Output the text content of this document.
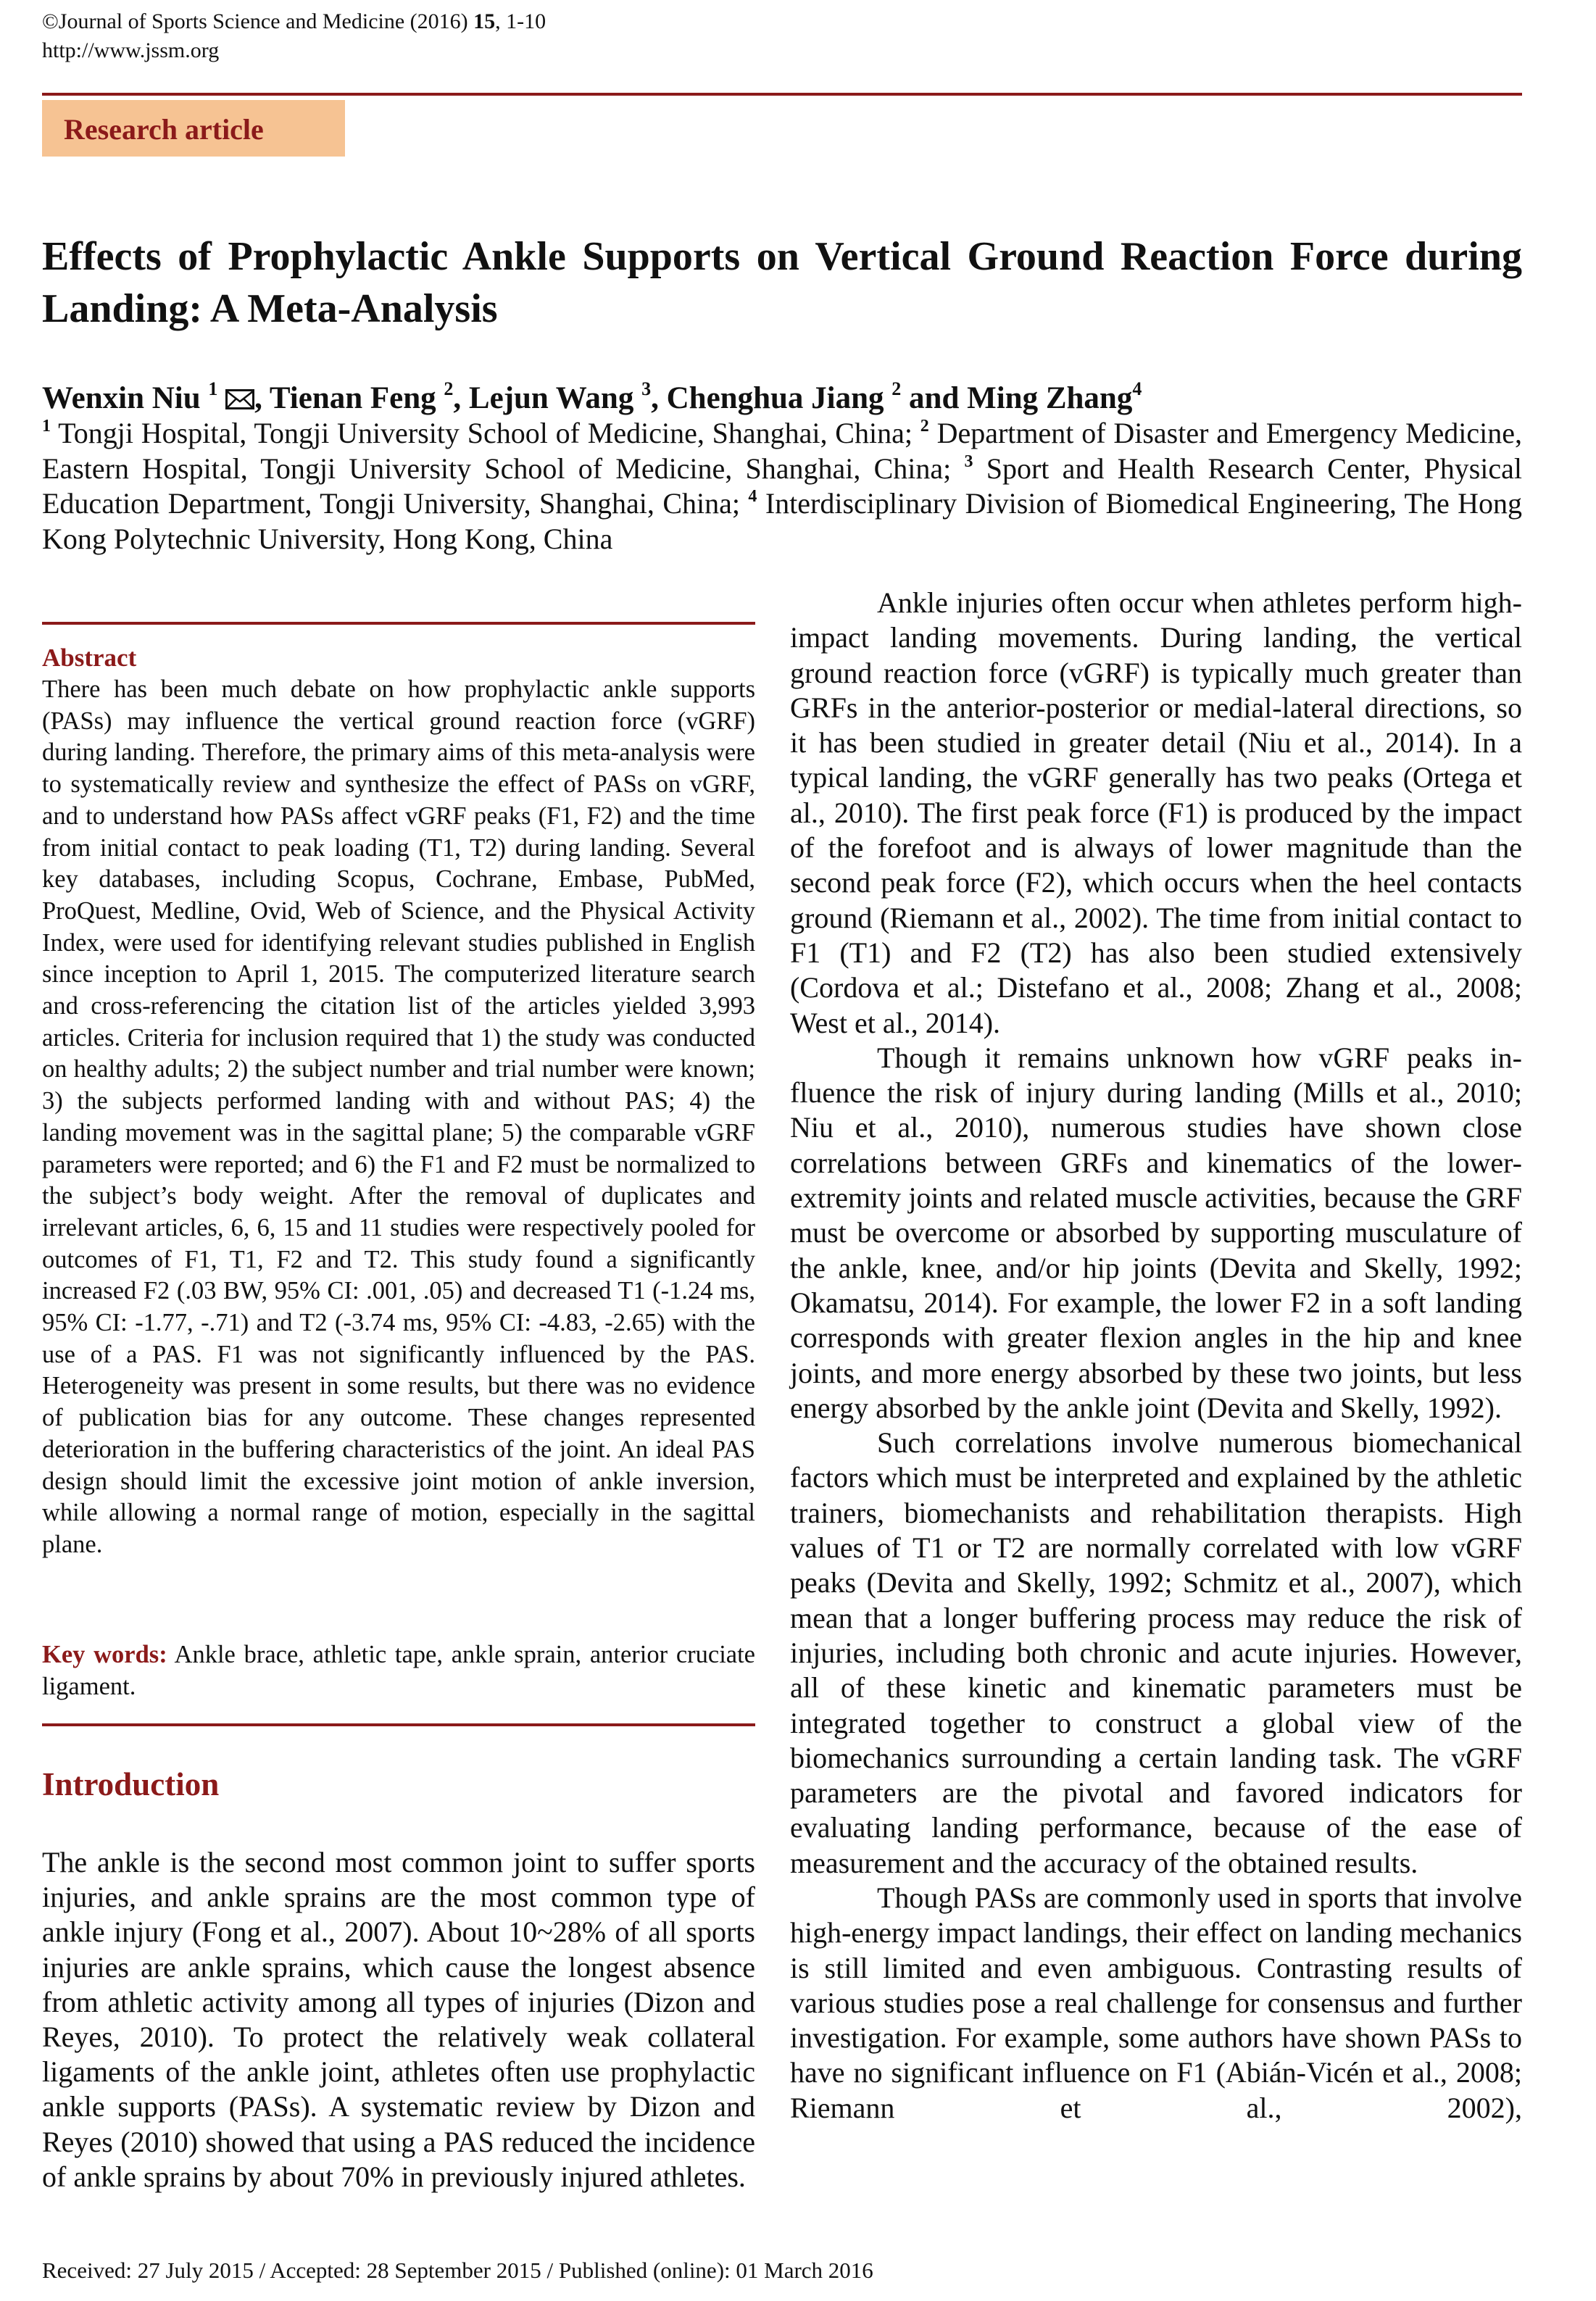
©Journal of Sports Science and Medicine (2016) 15, 1-10
http://www.jssm.org
Research article
Effects of Prophylactic Ankle Supports on Vertical Ground Reaction Force during Landing: A Meta-Analysis
Wenxin Niu $^1$ , Tienan Feng $^2$, Lejun Wang $^3$, Chenghua Jiang $^2$ and Ming Zhang$^4$
$^1$ Tongji Hospital, Tongji University School of Medicine, Shanghai, China; $^2$ Department of Disaster and Emergency Medicine, Eastern Hospital, Tongji University School of Medicine, Shanghai, China; $^3$ Sport and Health Research Center, Physical Education Department, Tongji University, Shanghai, China; $^4$ Interdisciplinary Division of Biomedical Engineering, The Hong Kong Polytechnic University, Hong Kong, China
Abstract
There has been much debate on how prophylactic ankle supports (PASs) may influence the vertical ground reaction force (vGRF) during landing. Therefore, the primary aims of this meta-analysis were to systematically review and synthesize the effect of PASs on vGRF, and to understand how PASs affect vGRF peaks (F1, F2) and the time from initial contact to peak loading (T1, T2) during landing. Several key databases, including Scopus, Cochrane, Embase, PubMed, ProQuest, Medline, Ovid, Web of Science, and the Physical Activity Index, were used for identifying relevant studies published in English since inception to April 1, 2015. The computerized literature search and cross-referencing the citation list of the articles yielded 3,993 articles. Criteria for inclusion required that 1) the study was conducted on healthy adults; 2) the subject number and trial number were known; 3) the subjects performed landing with and without PAS; 4) the landing movement was in the sagittal plane; 5) the comparable vGRF parameters were reported; and 6) the F1 and F2 must be normalized to the subject’s body weight. After the removal of duplicates and irrelevant articles, 6, 6, 15 and 11 studies were respectively pooled for outcomes of F1, T1, F2 and T2. This study found a significantly increased F2 (.03 BW, 95% CI: .001, .05) and decreased T1 (-1.24 ms, 95% CI: -1.77, -.71) and T2 (-3.74 ms, 95% CI: -4.83, -2.65) with the use of a PAS. F1 was not significantly influenced by the PAS. Heterogeneity was present in some results, but there was no evidence of publication bias for any outcome. These changes represented deterioration in the buffering characteristics of the joint. An ideal PAS design should limit the excessive joint motion of ankle inversion, while allowing a normal range of motion, especially in the sagittal plane.
Key words: Ankle brace, athletic tape, ankle sprain, anterior cruciate ligament.
Introduction
The ankle is the second most common joint to suffer sports injuries, and ankle sprains are the most common type of ankle injury (Fong et al., 2007). About 10~28% of all sports injuries are ankle sprains, which cause the longest absence from athletic activity among all types of injuries (Dizon and Reyes, 2010). To protect the relatively weak collateral ligaments of the ankle joint, athletes often use prophylactic ankle supports (PASs). A systematic review by Dizon and Reyes (2010) showed that using a PAS reduced the incidence of ankle sprains by about 70% in previously injured athletes.

Ankle injuries often occur when athletes perform high-impact landing movements. During landing, the vertical ground reaction force (vGRF) is typically much greater than GRFs in the anterior-posterior or medial-lateral directions, so it has been studied in greater detail (Niu et al., 2014). In a typical landing, the vGRF generally has two peaks (Ortega et al., 2010). The first peak force (F1) is produced by the impact of the forefoot and is always of lower magnitude than the second peak force (F2), which occurs when the heel contacts ground (Riemann et al., 2002). The time from initial contact to F1 (T1) and F2 (T2) has also been studied extensively (Cordova et al.; Distefano et al., 2008; Zhang et al., 2008; West et al., 2014).

Though it remains unknown how vGRF peaks influence the risk of injury during landing (Mills et al., 2010; Niu et al., 2010), numerous studies have shown close correlations between GRFs and kinematics of the lower-extremity joints and related muscle activities, because the GRF must be overcome or absorbed by supporting musculature of the ankle, knee, and/or hip joints (Devita and Skelly, 1992; Okamatsu, 2014). For example, the lower F2 in a soft landing corresponds with greater flexion angles in the hip and knee joints, and more energy absorbed by these two joints, but less energy absorbed by the ankle joint (Devita and Skelly, 1992).

Such correlations involve numerous biomechanical factors which must be interpreted and explained by the athletic trainers, biomechanists and rehabilitation therapists. High values of T1 or T2 are normally correlated with low vGRF peaks (Devita and Skelly, 1992; Schmitz et al., 2007), which mean that a longer buffering process may reduce the risk of injuries, including both chronic and acute injuries. However, all of these kinetic and kinematic parameters must be integrated together to construct a global view of the biomechanics surrounding a certain landing task. The vGRF parameters are the pivotal and favored indicators for evaluating landing performance, because of the ease of measurement and the accuracy of the obtained results.

Though PASs are commonly used in sports that involve high-energy impact landings, their effect on landing mechanics is still limited and even ambiguous. Contrasting results of various studies pose a real challenge for consensus and further investigation. For example, some authors have shown PASs to have no significant influence on F1 (Abián-Vicén et al., 2008; Riemann et al., 2002),

Received: 27 July 2015 / Accepted: 28 September 2015 / Published (online): 01 March 2016
